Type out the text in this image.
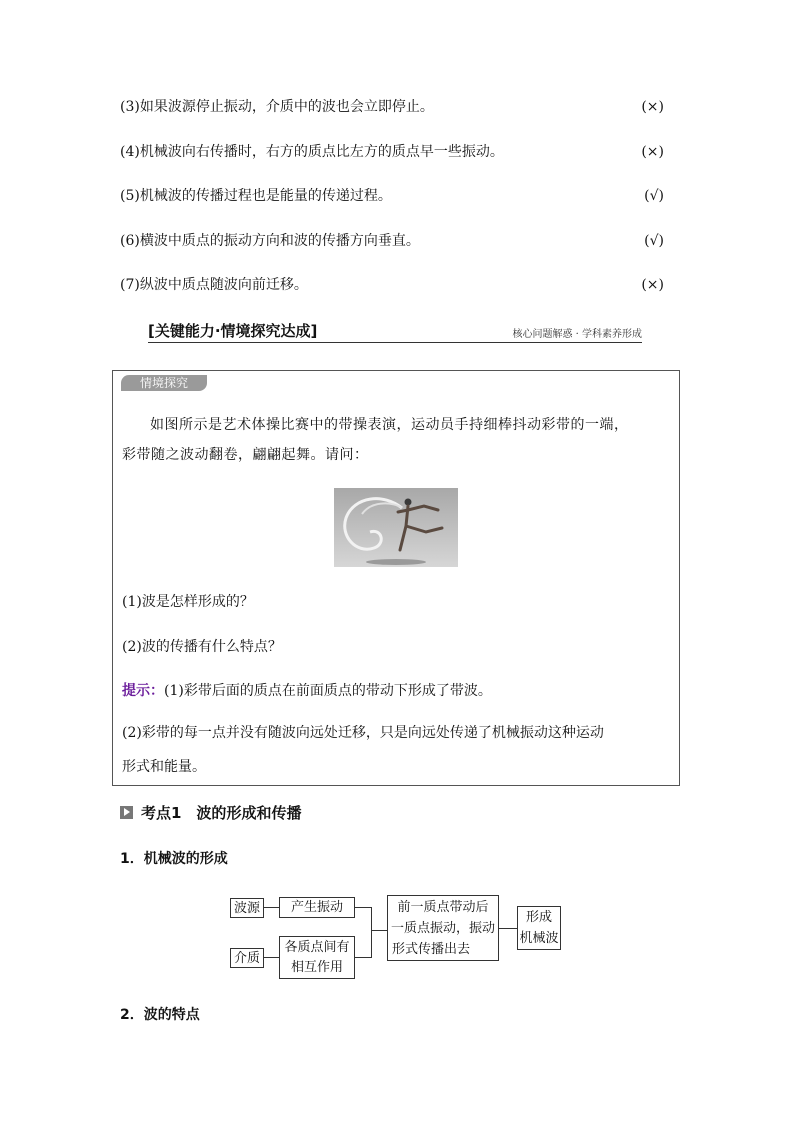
(3)如果波源停止振动，介质中的波也会立即停止。	(×)
(4)机械波向右传播时，右方的质点比左方的质点早一些振动。	(×)
(5)机械波的传播过程也是能量的传递过程。	(√)
(6)横波中质点的振动方向和波的传播方向垂直。	(√)
(7)纵波中质点随波向前迁移。	(×)
[关键能力·情境探究达成]	核心问题解惑 · 学科素养形成
情境探究
如图所示是艺术体操比赛中的带操表演，运动员手持细棒抖动彩带的一端，
彩带随之波动翻卷，翩翩起舞。请问：
(1)波是怎样形成的？
(2)波的传播有什么特点？
提示：(1)彩带后面的质点在前面质点的带动下形成了带波。
(2)彩带的每一点并没有随波向远处迁移，只是向远处传递了机械振动这种运动
形式和能量。
考点1　波的形成和传播
1．机械波的形成
波源	产生振动
介质
各质点间有
相互作用
前一质点带动后
一质点振动，振动
形式传播出去
形成
机械波
2．波的特点
